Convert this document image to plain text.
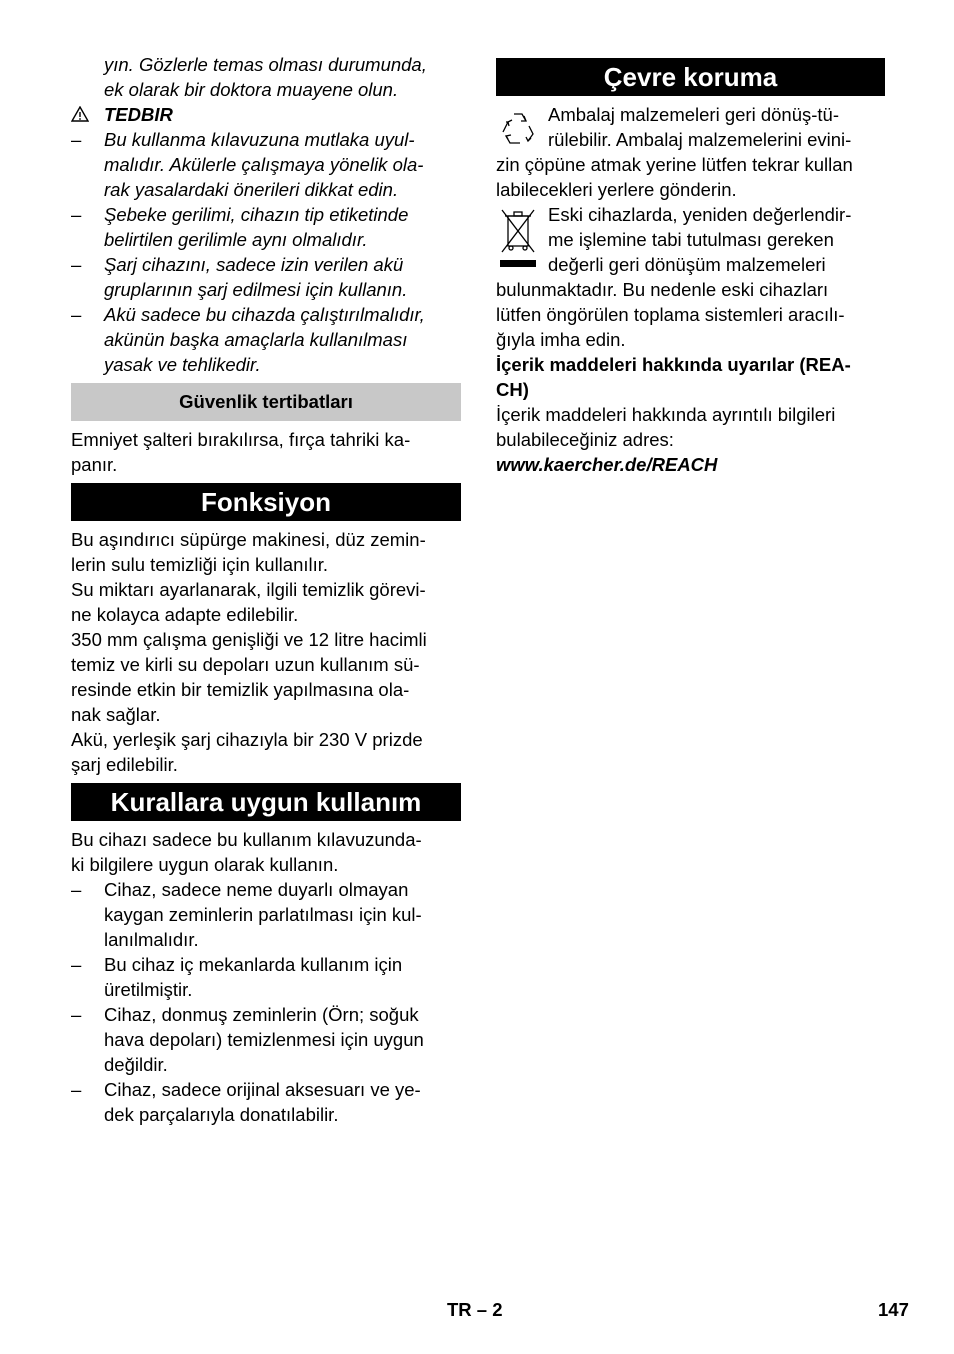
yın. Gözlerle temas olması durumunda,
ek olarak bir doktora muayene olun.
TEDBIR
– Bu kullanma kılavuzuna mutlaka uyul-
malıdır. Akülerle çalışmaya yönelik ola-
rak yasalardaki önerileri dikkat edin.
– Şebeke gerilimi, cihazın tip etiketinde
belirtilen gerilimle aynı olmalıdır.
– Şarj cihazını, sadece izin verilen akü
gruplarının şarj edilmesi için kullanın.
– Akü sadece bu cihazda çalıştırılmalıdır,
akünün başka amaçlarla kullanılması
yasak ve tehlikedir.
Güvenlik tertibatları
Emniyet şalteri bırakılırsa, fırça tahriki ka-
panır.
Fonksiyon
Bu aşındırıcı süpürge makinesi, düz zemin-
lerin sulu temizliği için kullanılır.
Su miktarı ayarlanarak, ilgili temizlik görevi-
ne kolayca adapte edilebilir.
350 mm çalışma genişliği ve 12 litre hacimli
temiz ve kirli su depoları uzun kullanım sü-
resinde etkin bir temizlik yapılmasına ola-
nak sağlar.
Akü, yerleşik şarj cihazıyla bir 230 V prizde
şarj edilebilir.
Kurallara uygun kullanım
Bu cihazı sadece bu kullanım kılavuzunda-
ki bilgilere uygun olarak kullanın.
– Cihaz, sadece neme duyarlı olmayan
kaygan zeminlerin parlatılması için kul-
lanılmalıdır.
– Bu cihaz iç mekanlarda kullanım için
üretilmiştir.
– Cihaz, donmuş zeminlerin (Örn; soğuk
hava depoları) temizlenmesi için uygun
değildir.
– Cihaz, sadece orijinal aksesuarı ve ye-
dek parçalarıyla donatılabilir.
Çevre koruma
Ambalaj malzemeleri geri dönüş-tü-
rülebilir. Ambalaj malzemelerini evini-
zin çöpüne atmak yerine lütfen tekrar kullan
labilecekleri yerlere gönderin.
Eski cihazlarda, yeniden değerlendir-
me işlemine tabi tutulması gereken
değerli geri dönüşüm malzemeleri
bulunmaktadır. Bu nedenle eski cihazları
lütfen öngörülen toplama sistemleri aracılı-
ğıyla imha edin.
İçerik maddeleri hakkında uyarılar (REA-
CH)
İçerik maddeleri hakkında ayrıntılı bilgileri
bulabileceğiniz adres:
www.kaercher.de/REACH
TR – 2	147
